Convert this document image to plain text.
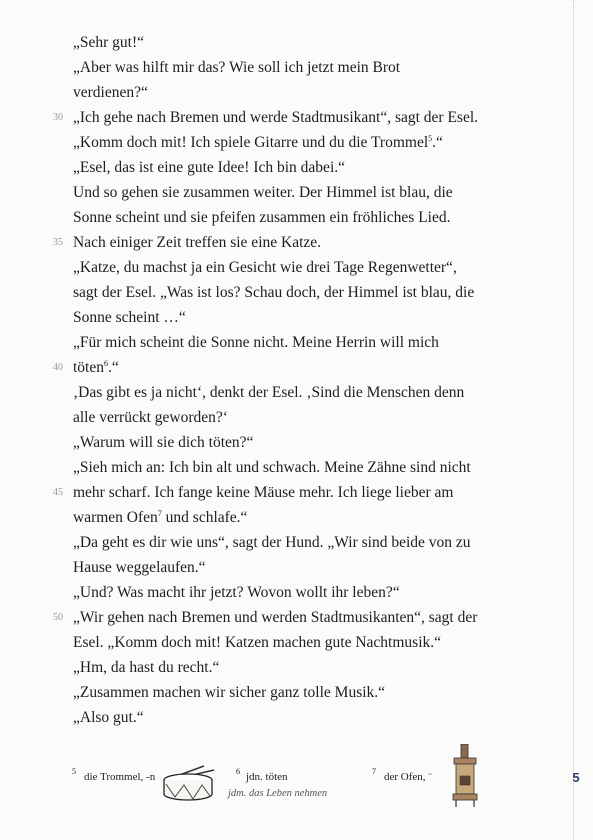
„Sehr gut!“
„Aber was hilft mir das? Wie soll ich jetzt mein Brot
verdienen?“
„Ich gehe nach Bremen und werde Stadtmusikant“, sagt der Esel.
„Komm doch mit! Ich spiele Gitarre und du die Trommel$^5$.“
„Esel, das ist eine gute Idee! Ich bin dabei.“
Und so gehen sie zusammen weiter. Der Himmel ist blau, die
Sonne scheint und sie pfeifen zusammen ein fröhliches Lied.
Nach einiger Zeit treffen sie eine Katze.
„Katze, du machst ja ein Gesicht wie drei Tage Regenwetter“,
sagt der Esel. „Was ist los? Schau doch, der Himmel ist blau, die
Sonne scheint …“
„Für mich scheint die Sonne nicht. Meine Herrin will mich
töten$^6$.“
‚Das gibt es ja nicht‘, denkt der Esel. ‚Sind die Menschen denn
alle verrückt geworden?‘
„Warum will sie dich töten?“
„Sieh mich an: Ich bin alt und schwach. Meine Zähne sind nicht
mehr scharf. Ich fange keine Mäuse mehr. Ich liege lieber am
warmen Ofen$^7$ und schlafe.“
„Da geht es dir wie uns“, sagt der Hund. „Wir sind beide von zu
Hause weggelaufen.“
„Und? Was macht ihr jetzt? Wovon wollt ihr leben?“
„Wir gehen nach Bremen und werden Stadtmusikanten“, sagt der
Esel. „Komm doch mit! Katzen machen gute Nachtmusik.“
„Hm, da hast du recht.“
„Zusammen machen wir sicher ganz tolle Musik.“
„Also gut.“
30
35
40
45
50
5 die Trommel, -n	6 jdn. töten
jdm. das Leben nehmen
7 der Ofen, ¨	5
